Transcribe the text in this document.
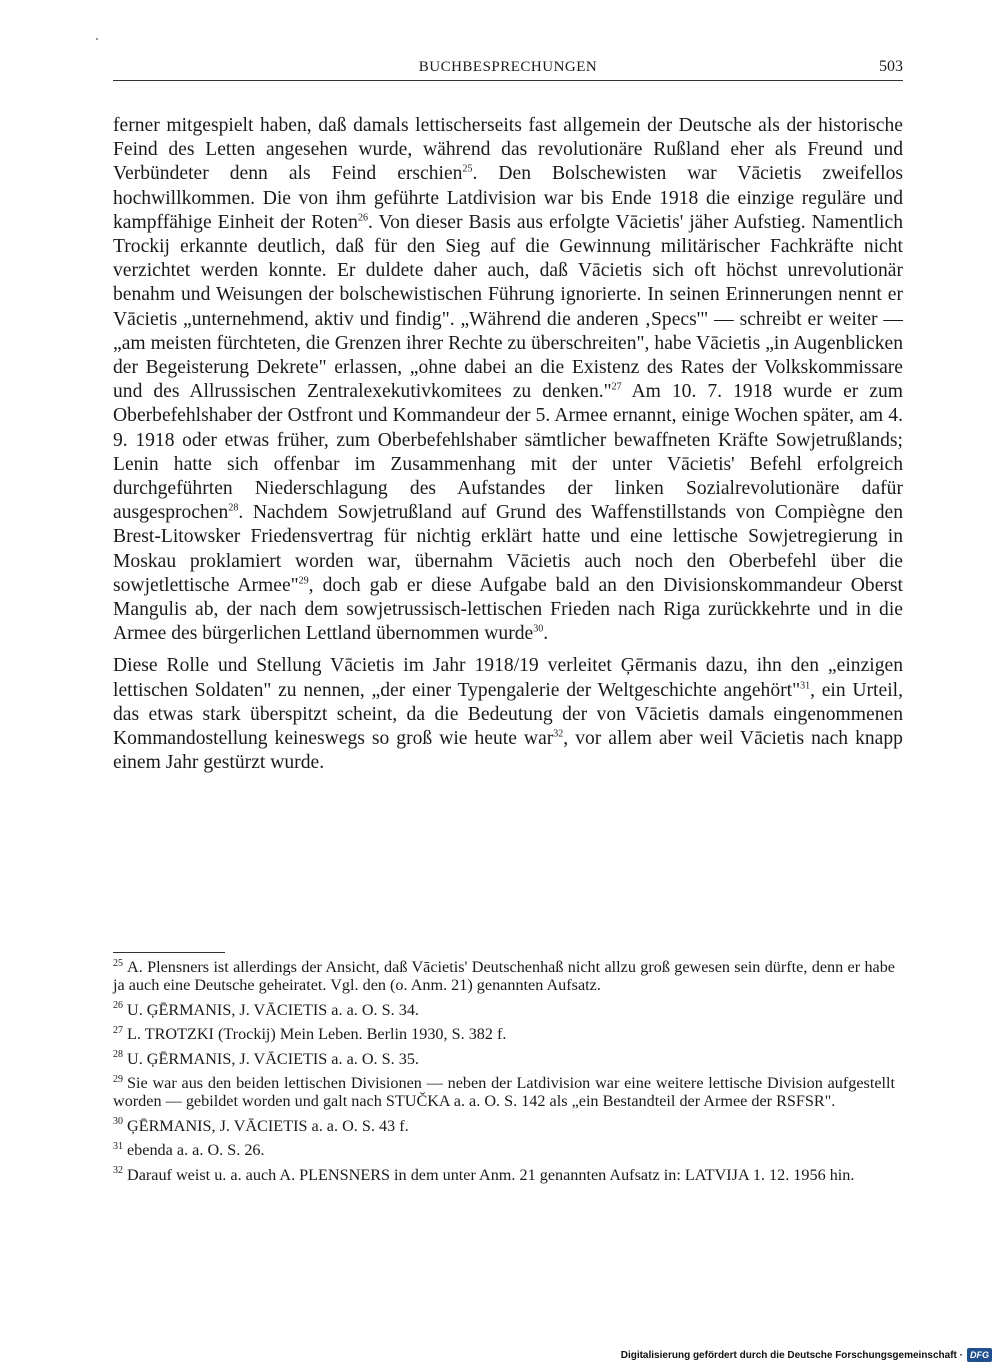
BUCHBESPRECHUNGEN	503

ferner mitgespielt haben, daß damals lettischerseits fast allgemein der Deutsche als der historische Feind des Letten angesehen wurde, während das revolutionäre Rußland eher als Freund und Verbündeter denn als Feind erschien$^{25}$. Den Bolschewisten war Vācietis zweifellos hochwillkommen. Die von ihm geführte Latdivision war bis Ende 1918 die einzige reguläre und kampffähige Einheit der Roten$^{26}$. Von dieser Basis aus erfolgte Vācietis' jäher Aufstieg. Namentlich Trockij erkannte deutlich, daß für den Sieg auf die Gewinnung militärischer Fachkräfte nicht verzichtet werden konnte. Er duldete daher auch, daß Vācietis sich oft höchst unrevolutionär benahm und Weisungen der bolschewistischen Führung ignorierte. In seinen Erinnerungen nennt er Vācietis „unternehmend, aktiv und findig". „Während die anderen ‚Specs'" — schreibt er weiter — „am meisten fürchteten, die Grenzen ihrer Rechte zu überschreiten", habe Vācietis „in Augenblicken der Begeisterung Dekrete" erlassen, „ohne dabei an die Existenz des Rates der Volkskommissare und des Allrussischen Zentralexekutivkomitees zu denken."$^{27}$ Am 10. 7. 1918 wurde er zum Oberbefehlshaber der Ostfront und Kommandeur der 5. Armee ernannt, einige Wochen später, am 4. 9. 1918 oder etwas früher, zum Oberbefehlshaber sämtlicher bewaffneten Kräfte Sowjetrußlands; Lenin hatte sich offenbar im Zusammenhang mit der unter Vācietis' Befehl erfolgreich durchgeführten Niederschlagung des Aufstandes der linken Sozialrevolutionäre dafür ausgesprochen$^{28}$. Nachdem Sowjetrußland auf Grund des Waffenstillstands von Compiègne den Brest-Litowsker Friedensvertrag für nichtig erklärt hatte und eine lettische Sowjetregierung in Moskau proklamiert worden war, übernahm Vācietis auch noch den Oberbefehl über die sowjetlettische Armee"$^{29}$, doch gab er diese Aufgabe bald an den Divisionskommandeur Oberst Mangulis ab, der nach dem sowjetrussisch-lettischen Frieden nach Riga zurückkehrte und in die Armee des bürgerlichen Lettland übernommen wurde$^{30}$.

Diese Rolle und Stellung Vācietis im Jahr 1918/19 verleitet Ģērmanis dazu, ihn den „einzigen lettischen Soldaten" zu nennen, „der einer Typengalerie der Weltgeschichte angehört"$^{31}$, ein Urteil, das etwas stark überspitzt scheint, da die Bedeutung der von Vācietis damals eingenommenen Kommandostellung keineswegs so groß wie heute war$^{32}$, vor allem aber weil Vācietis nach knapp einem Jahr gestürzt wurde.

$^{25}$ A. Plensners ist allerdings der Ansicht, daß Vācietis' Deutschenhaß nicht allzu groß gewesen sein dürfte, denn er habe ja auch eine Deutsche geheiratet. Vgl. den (o. Anm. 21) genannten Aufsatz.
$^{26}$ U. ĢĒRMANIS, J. VĀCIETIS a. a. O. S. 34.
$^{27}$ L. TROTZKI (Trockij) Mein Leben. Berlin 1930, S. 382 f.
$^{28}$ U. ĢĒRMANIS, J. VĀCIETIS a. a. O. S. 35.
$^{29}$ Sie war aus den beiden lettischen Divisionen — neben der Latdivision war eine weitere lettische Division aufgestellt worden — gebildet worden und galt nach STUČKA a. a. O. S. 142 als „ein Bestandteil der Armee der RSFSR".
$^{30}$ ĢĒRMANIS, J. VĀCIETIS a. a. O. S. 43 f.
$^{31}$ ebenda a. a. O. S. 26.
$^{32}$ Darauf weist u. a. auch A. PLENSNERS in dem unter Anm. 21 genannten Aufsatz in: LATVIJA 1. 12. 1956 hin.
Digitalisierung gefördert durch die Deutsche Forschungsgemeinschaft · DFG
